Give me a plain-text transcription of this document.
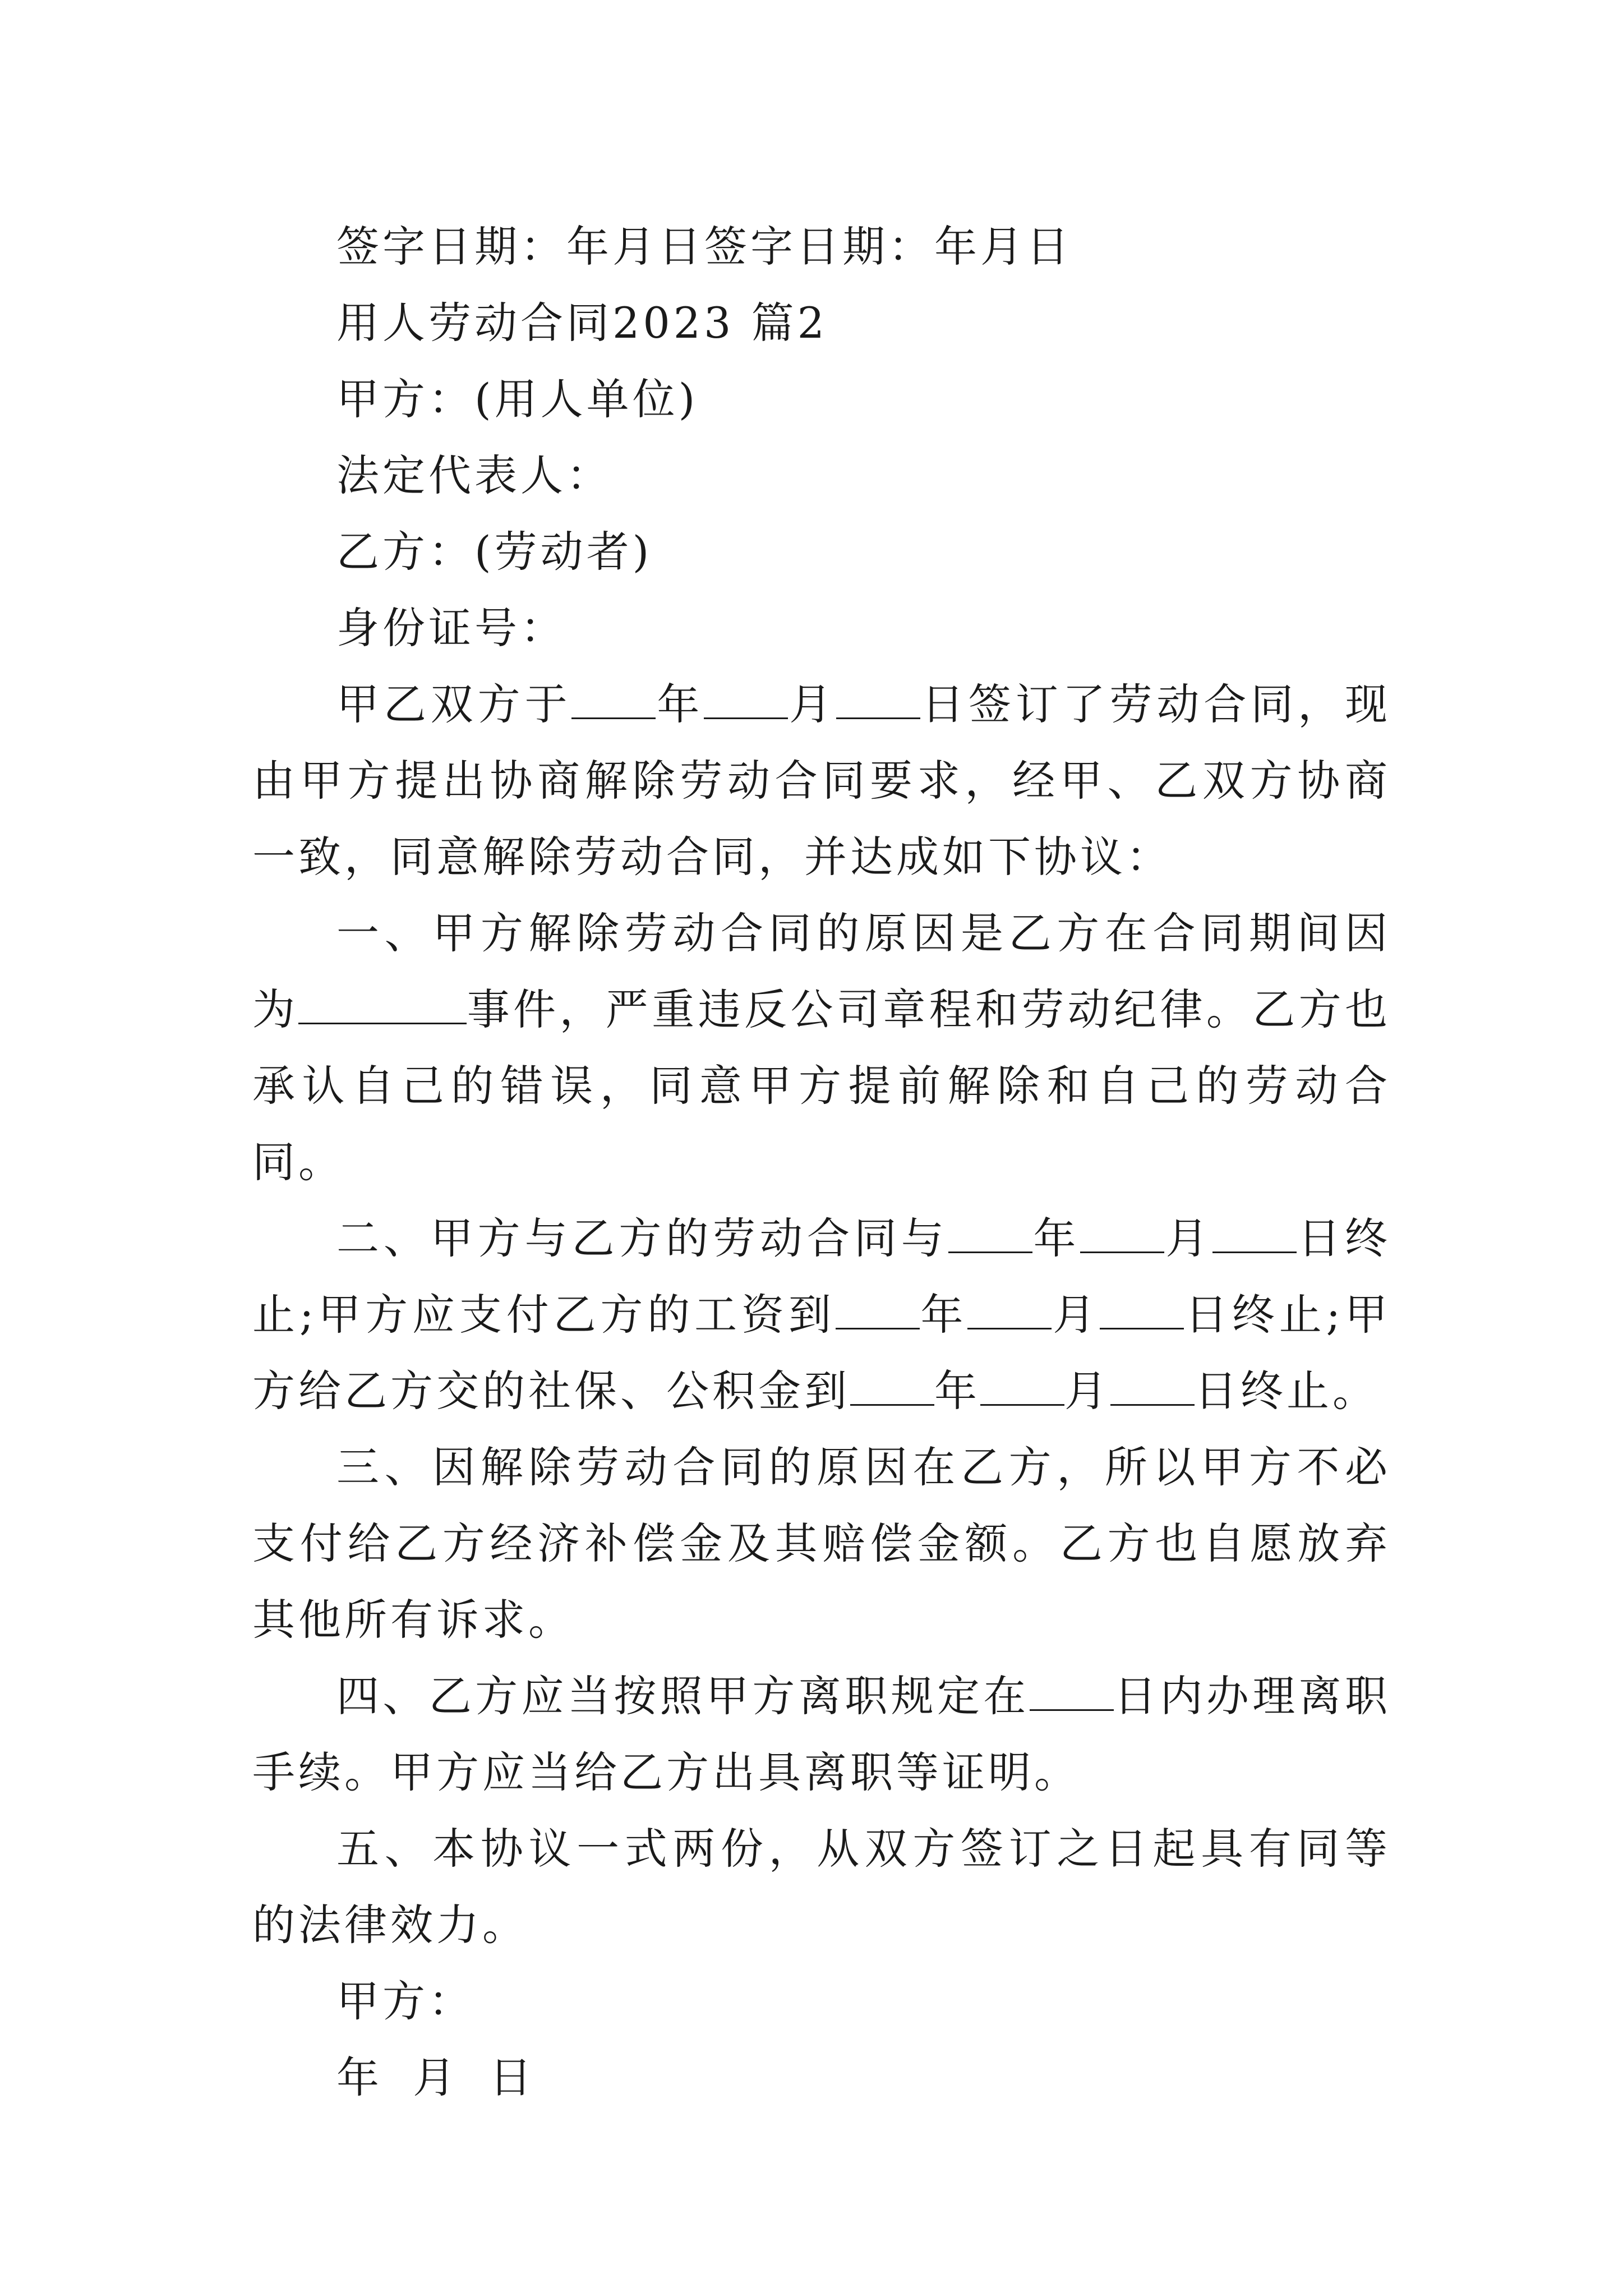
签字日期：年月日签字日期：年月日
用人劳动合同2023 篇2
甲方：(用人单位)
法定代表人：
乙方：(劳动者)
身份证号：
甲乙双方于 年 月 日签订了劳动合同，现由甲方提出协商解除劳动合同要求，经甲、乙双方协商一致，同意解除劳动合同，并达成如下协议：
一、甲方解除劳动合同的原因是乙方在合同期间因为	事件，严重违反公司章程和劳动纪律。乙方也承认自己的错误，同意甲方提前解除和自己的劳动合同。
二、甲方与乙方的劳动合同与 年 月 日终止;甲方应支付乙方的工资到 年 月 日终止;甲方给乙方交的社保、公积金到 年 月 日终止。
三、因解除劳动合同的原因在乙方，所以甲方不必支付给乙方经济补偿金及其赔偿金额。乙方也自愿放弃其他所有诉求。
四、乙方应当按照甲方离职规定在 日内办理离职手续。甲方应当给乙方出具离职等证明。
五、本协议一式两份，从双方签订之日起具有同等的法律效力。
甲方：
年 月 日
